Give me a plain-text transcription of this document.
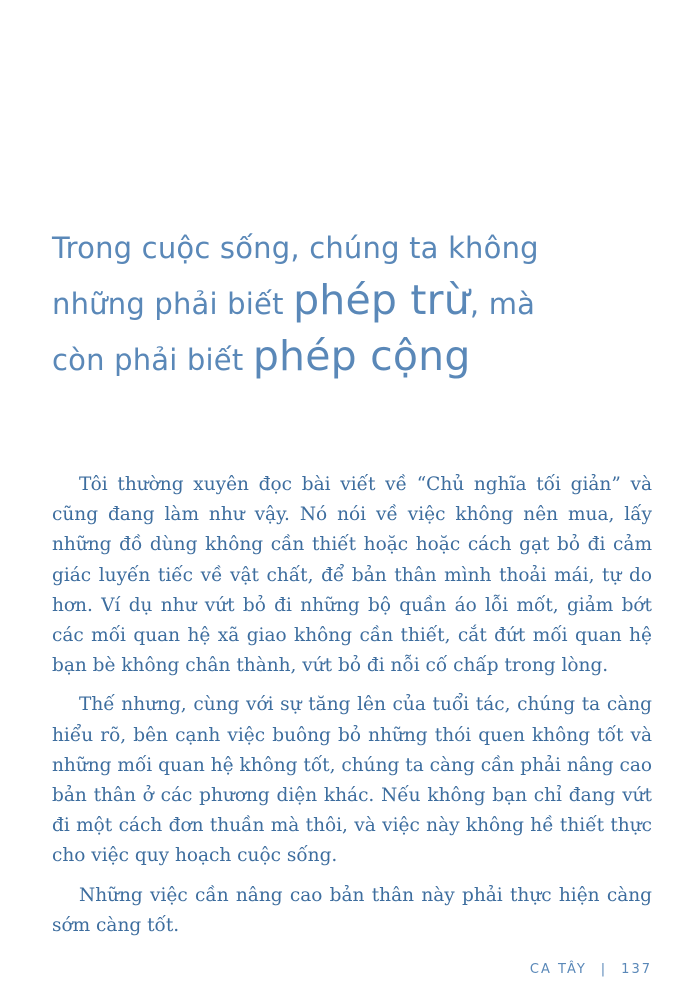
Trong cuộc sống, chúng ta không
những phải biết phép trừ, mà
còn phải biết phép cộng

Tôi thường xuyên đọc bài viết về “Chủ nghĩa tối giản” và cũng đang làm như vậy. Nó nói về việc không nên mua, lấy những đồ dùng không cần thiết hoặc hoặc cách gạt bỏ đi cảm giác luyến tiếc về vật chất, để bản thân mình thoải mái, tự do hơn. Ví dụ như vứt bỏ đi những bộ quần áo lỗi mốt, giảm bớt các mối quan hệ xã giao không cần thiết, cắt đứt mối quan hệ bạn bè không chân thành, vứt bỏ đi nỗi cố chấp trong lòng.

Thế nhưng, cùng với sự tăng lên của tuổi tác, chúng ta càng hiểu rõ, bên cạnh việc buông bỏ những thói quen không tốt và những mối quan hệ không tốt, chúng ta càng cần phải nâng cao bản thân ở các phương diện khác. Nếu không bạn chỉ đang vứt đi một cách đơn thuần mà thôi, và việc này không hề thiết thực cho việc quy hoạch cuộc sống.

Những việc cần nâng cao bản thân này phải thực hiện càng sớm càng tốt.

CA TÂY | 137
